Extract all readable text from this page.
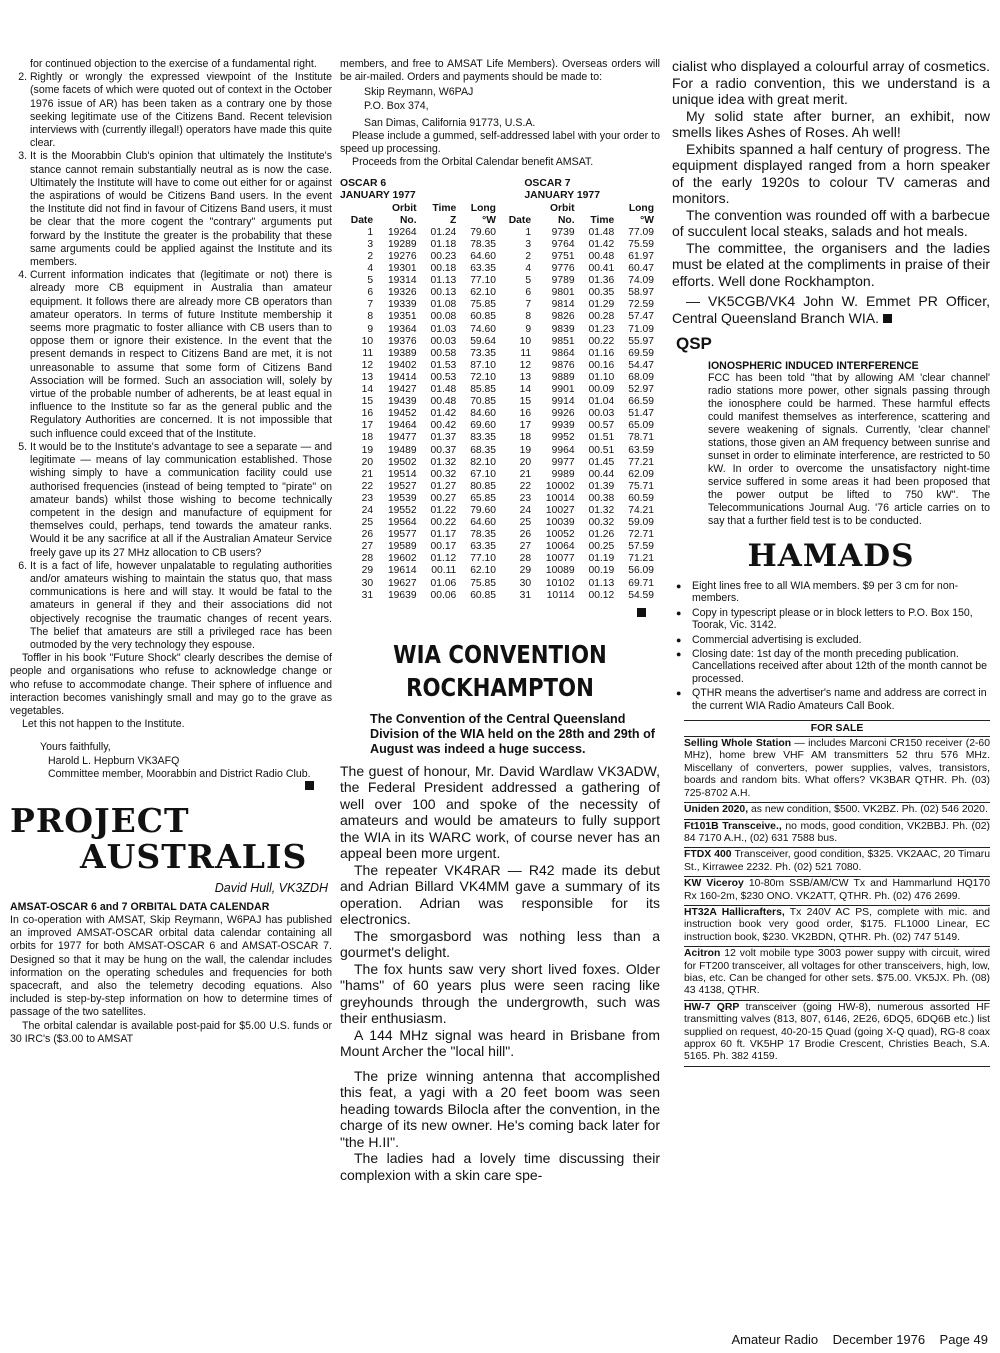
for continued objection to the exercise of a fundamental right.

2. Rightly or wrongly the expressed viewpoint of the Institute (some facets of which were quoted out of context in the October 1976 issue of AR) has been taken as a contrary one by those seeking legitimate use of the Citizens Band. Recent television interviews with (currently illegal!) operators have made this quite clear.
3. It is the Moorabbin Club's opinion that ultimately the Institute's stance cannot remain substantially neutral as is now the case. Ultimately the Institute will have to come out either for or against the aspirations of would be Citizens Band users. In the event the Institute did not find in favour of Citizens Band users, it must be clear that the more cogent the "contrary" arguments put forward by the Institute the greater is the probability that these same arguments could be applied against the Institute and its members.
4. Current information indicates that (legitimate or not) there is already more CB equipment in Australia than amateur equipment. It follows there are already more CB operators than amateur operators. In terms of future Institute membership it seems more pragmatic to foster alliance with CB users than to oppose them or ignore their existence. In the event that the present demands in respect to Citizens Band are met, it is not unreasonable to assume that some form of Citizens Band Association will be formed. Such an association will, solely by virtue of the probable number of adherents, be at least equal in influence to the Institute so far as the general public and the Regulatory Authorities are concerned. It is not impossible that such influence could exceed that of the Institute.
5. It would be to the Institute's advantage to see a separate — and legitimate — means of lay communication established. Those wishing simply to have a communication facility could use authorised frequencies (instead of being tempted to "pirate" on amateur bands) whilst those wishing to become technically competent in the design and manufacture of equipment for themselves could, perhaps, tend towards the amateur ranks. Would it be any sacrifice at all if the Australian Amateur Service freely gave up its 27 MHz allocation to CB users?
6. It is a fact of life, however unpalatable to regulating authorities and/or amateurs wishing to maintain the status quo, that mass communications is here and will stay. It would be fatal to the amateurs in general if they and their associations did not objectively recognise the traumatic changes of recent years. The belief that amateurs are still a privileged race has been outmoded by the very technology they espouse.

Toffler in his book "Future Shock" clearly describes the demise of people and organisations who refuse to acknowledge change or who refuse to accommodate change. Their sphere of influence and interaction becomes vanishingly small and may go to the grave as vegetables.

Let this not happen to the Institute.

Yours faithfully,
Harold L. Hepburn VK3AFQ
Committee member, Moorabbin and District Radio Club.
PROJECT
AUSTRALIS
David Hull, VK3ZDH
AMSAT-OSCAR 6 and 7 ORBITAL DATA CALENDAR

In co-operation with AMSAT, Skip Reymann, W6PAJ has published an improved AMSAT-OSCAR orbital data calendar containing all orbits for 1977 for both AMSAT-OSCAR 6 and AMSAT-OSCAR 7. Designed so that it may be hung on the wall, the calendar includes information on the operating schedules and frequencies for both spacecraft, and also the telemetry decoding equations. Also included is step-by-step information on how to determine times of passage of the two satellites.

The orbital calendar is available post-paid for $5.00 U.S. funds or 30 IRC's ($3.00 to AMSAT

members, and free to AMSAT Life Members). Overseas orders will be air-mailed. Orders and payments should be made to:

Skip Reymann, W6PAJ
P.O. Box 374,
San Dimas, California 91773, U.S.A.

Please include a gummed, self-addressed label with your order to speed up processing.

Proceeds from the Orbital Calendar benefit AMSAT.

OSCAR 6
JANUARY 1977
OSCAR 7
JANUARY 1977
	Orbit	Time	Long		Orbit		Long
Date	No.	Z	°W	Date	No.	Time	°W
1	19264	01.24	79.60	1	9739	01.48	77.09
3	19289	01.18	78.35	3	9764	01.42	75.59
2	19276	00.23	64.60	2	9751	00.48	61.97
4	19301	00.18	63.35	4	9776	00.41	60.47
5	19314	01.13	77.10	5	9789	01.36	74.09
6	19326	00.13	62.10	6	9801	00.35	58.97
7	19339	01.08	75.85	7	9814	01.29	72.59
8	19351	00.08	60.85	8	9826	00.28	57.47
9	19364	01.03	74.60	9	9839	01.23	71.09
10	19376	00.03	59.64	10	9851	00.22	55.97
11	19389	00.58	73.35	11	9864	01.16	69.59
12	19402	01.53	87.10	12	9876	00.16	54.47
13	19414	00.53	72.10	13	9889	01.10	68.09
14	19427	01.48	85.85	14	9901	00.09	52.97
15	19439	00.48	70.85	15	9914	01.04	66.59
16	19452	01.42	84.60	16	9926	00.03	51.47
17	19464	00.42	69.60	17	9939	00.57	65.09
18	19477	01.37	83.35	18	9952	01.51	78.71
19	19489	00.37	68.35	19	9964	00.51	63.59
20	19502	01.32	82.10	20	9977	01.45	77.21
21	19514	00.32	67.10	21	9989	00.44	62.09
22	19527	01.27	80.85	22	10002	01.39	75.71
23	19539	00.27	65.85	23	10014	00.38	60.59
24	19552	01.22	79.60	24	10027	01.32	74.21
25	19564	00.22	64.60	25	10039	00.32	59.09
26	19577	01.17	78.35	26	10052	01.26	72.71
27	19589	00.17	63.35	27	10064	00.25	57.59
28	19602	01.12	77.10	28	10077	01.19	71.21
29	19614	00.11	62.10	29	10089	00.19	56.09
30	19627	01.06	75.85	30	10102	01.13	69.71
31	19639	00.06	60.85	31	10114	00.12	54.59
WIA CONVENTION
ROCKHAMPTON
The Convention of the Central Queensland Division of the WIA held on the 28th and 29th of August was indeed a huge success.

The guest of honour, Mr. David Wardlaw VK3ADW, the Federal President addressed a gathering of well over 100 and spoke of the necessity of amateurs and would be amateurs to fully support the WIA in its WARC work, of course never has an appeal been more urgent.

The repeater VK4RAR — R42 made its debut and Adrian Billard VK4MM gave a summary of its operation. Adrian was responsible for its electronics.

The smorgasbord was nothing less than a gourmet's delight.

The fox hunts saw very short lived foxes. Older "hams" of 60 years plus were seen racing like greyhounds through the undergrowth, such was their enthusiasm.

A 144 MHz signal was heard in Brisbane from Mount Archer the "local hill".

The prize winning antenna that accomplished this feat, a yagi with a 20 feet boom was seen heading towards Bilocla after the convention, in the charge of its new owner. He's coming back later for "the H.II".

The ladies had a lovely time discussing their complexion with a skin care spe-

cialist who displayed a colourful array of cosmetics. For a radio convention, this we understand is a unique idea with great merit.

My solid state after burner, an exhibit, now smells likes Ashes of Roses. Ah well!

Exhibits spanned a half century of progress. The equipment displayed ranged from a horn speaker of the early 1920s to colour TV cameras and monitors.

The convention was rounded off with a barbecue of succulent local steaks, salads and hot meals.

The committee, the organisers and the ladies must be elated at the compliments in praise of their efforts. Well done Rockhampton.

— VK5CGB/VK4 John W. Emmet PR Officer, Central Queensland Branch WIA.

QSP
IONOSPHERIC INDUCED INTERFERENCE
FCC has been told "that by allowing AM 'clear channel' radio stations more power, other signals passing through the ionosphere could be harmed. These harmful effects could manifest themselves as interference, scattering and severe weakening of signals. Currently, 'clear channel' stations, those given an AM frequency between sunrise and sunset in order to eliminate interference, are restricted to 50 kW. In order to overcome the unsatisfactory night-time service suffered in some areas it had been proposed that the power output be lifted to 750 kW". The Telecommunications Journal Aug. '76 article carries on to say that a further field test is to be conducted.
HAMADS
● Eight lines free to all WIA members. $9 per 3 cm for non-members.
● Copy in typescript please or in block letters to P.O. Box 150, Toorak, Vic. 3142.
● Commercial advertising is excluded.
● Closing date: 1st day of the month preceding publication. Cancellations received after about 12th of the month cannot be processed.
● QTHR means the advertiser's name and address are correct in the current WIA Radio Amateurs Call Book.
FOR SALE
Selling Whole Station — includes Marconi CR150 receiver (2-60 MHz), home brew VHF AM transmitters 52 thru 576 MHz. Miscellany of converters, power supplies, valves, transistors, boards and random bits. What offers? VK3BAR QTHR. Ph. (03) 725-8702 A.H.
Uniden 2020, as new condition, $500. VK2BZ. Ph. (02) 546 2020.
Ft101B Transceive., no mods, good condition, VK2BBJ. Ph. (02) 84 7170 A.H., (02) 631 7588 bus.
FTDX 400 Transceiver, good condition, $325. VK2AAC, 20 Timaru St., Kirrawee 2232. Ph. (02) 521 7080.
KW Viceroy 10-80m SSB/AM/CW Tx and Hammarlund HQ170 Rx 160-2m, $230 ONO. VK2ATT, QTHR. Ph. (02) 476 2699.
HT32A Hallicrafters, Tx 240V AC PS, complete with mic. and instruction book very good order, $175. FL1000 Linear, EC instruction book, $230. VK2BDN, QTHR. Ph. (02) 747 5149.
Acitron 12 volt mobile type 3003 power suppy with circuit, wired for FT200 transceiver, all voltages for other transceivers, high, low, bias, etc. Can be changed for other sets. $75.00. VK5JX. Ph. (08) 43 4138, QTHR.
HW-7 QRP transceiver (going HW-8), numerous assorted HF transmitting valves (813, 807, 6146, 2E26, 6DQ5, 6DQ6B etc.) list supplied on request, 40-20-15 Quad (going X-Q quad), RG-8 coax approx 60 ft. VK5HP 17 Brodie Crescent, Christies Beach, S.A. 5165. Ph. 382 4159.
Amateur Radio    December 1976    Page 49
